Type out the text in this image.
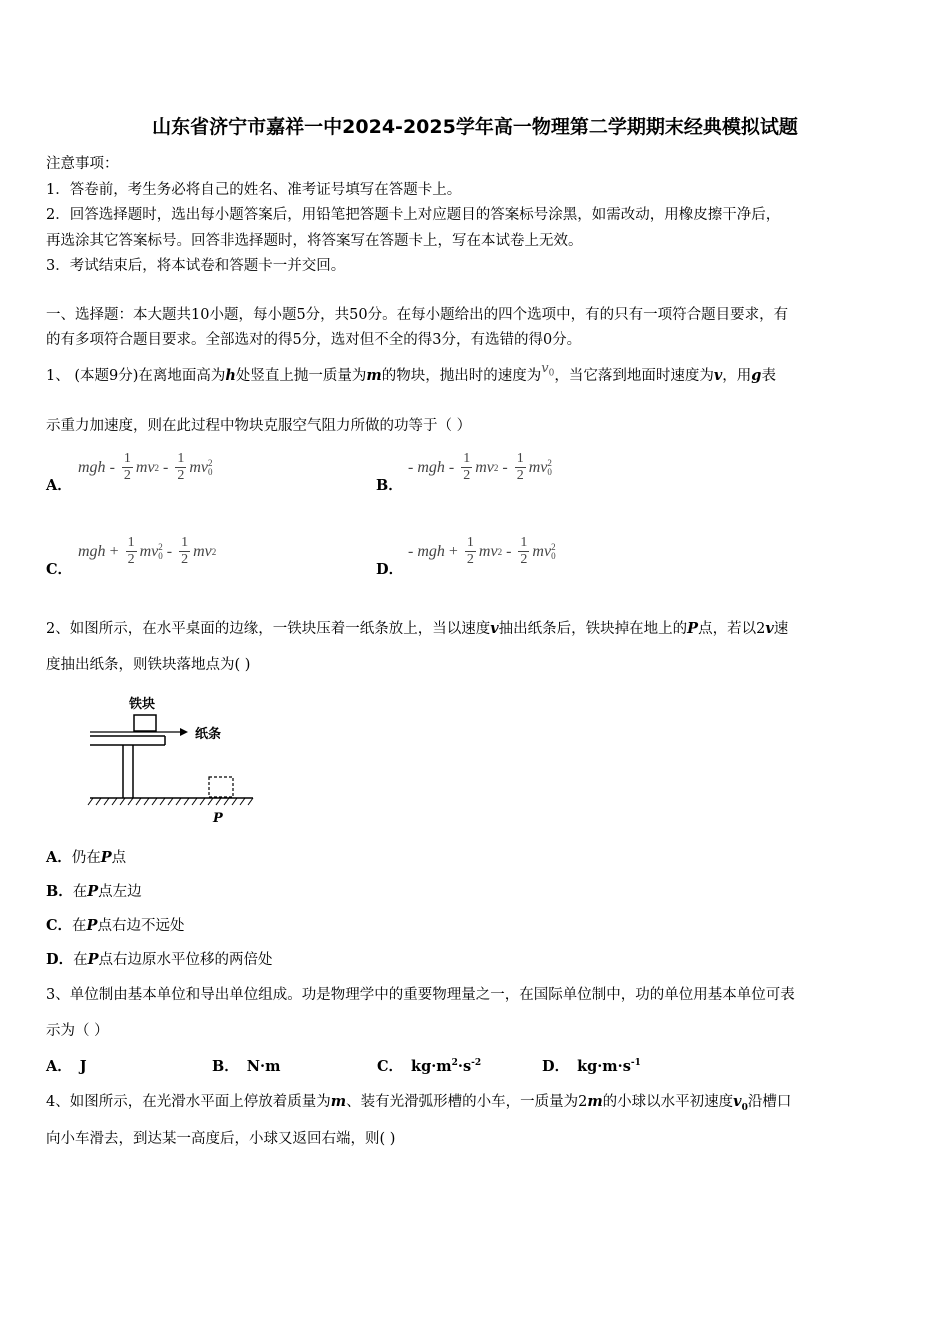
山东省济宁市嘉祥一中2024-2025学年高一物理第二学期期末经典模拟试题
注意事项：
1．答卷前，考生务必将自己的姓名、准考证号填写在答题卡上。
2．回答选择题时，选出每小题答案后，用铅笔把答题卡上对应题目的答案标号涂黑，如需改动，用橡皮擦干净后，
再选涂其它答案标号。回答非选择题时，将答案写在答题卡上，写在本试卷上无效。
3．考试结束后，将本试卷和答题卡一并交回。
一、选择题：本大题共10小题，每小题5分，共50分。在每小题给出的四个选项中，有的只有一项符合题目要求，有
的有多项符合题目要求。全部选对的得5分，选对但不全的得3分，有选错的得0分。
1、 (本题9分)在离地面高为h处竖直上抛一质量为m的物块，抛出时的速度为$v_0$，当它落到地面时速度为v，用g表
示重力加速度，则在此过程中物块克服空气阻力所做的功等于（ ）
A．
mgh - $\frac{1}{2}$ mv $2 - \frac{1}{2}$ mv 2
0
B．
- mgh - $\frac{1}{2}$ mv $2 - \frac{1}{2}$ mv 2
0
C．
mgh + $\frac{1}{2}$ mv 2
$0 - \frac{1}{2}$ mv 2
D．
- mgh + $\frac{1}{2}$ mv $2 - \frac{1}{2}$ mv 2
0
2、如图所示，在水平桌面的边缘，一铁块压着一纸条放上，当以速度v抽出纸条后，铁块掉在地上的P点，若以2v速
度抽出纸条，则铁块落地点为( )
铁块
纸条
P
A．仍在P点
B．在P点左边
C．在P点右边不远处
D．在P点右边原水平位移的两倍处
3、单位制由基本单位和导出单位组成。功是物理学中的重要物理量之一，在国际单位制中，功的单位用基本单位可表
示为（ ）
A． J	B． N·m	C． $kg\cdot m^2\cdot s^{-2}$	D． $kg\cdot m\cdot s^{-1}$
4、如图所示，在光滑水平面上停放着质量为m、装有光滑弧形槽的小车，一质量为2m的小球以水平初速度$v_0$沿槽口
向小车滑去，到达某一高度后，小球又返回右端，则( )
